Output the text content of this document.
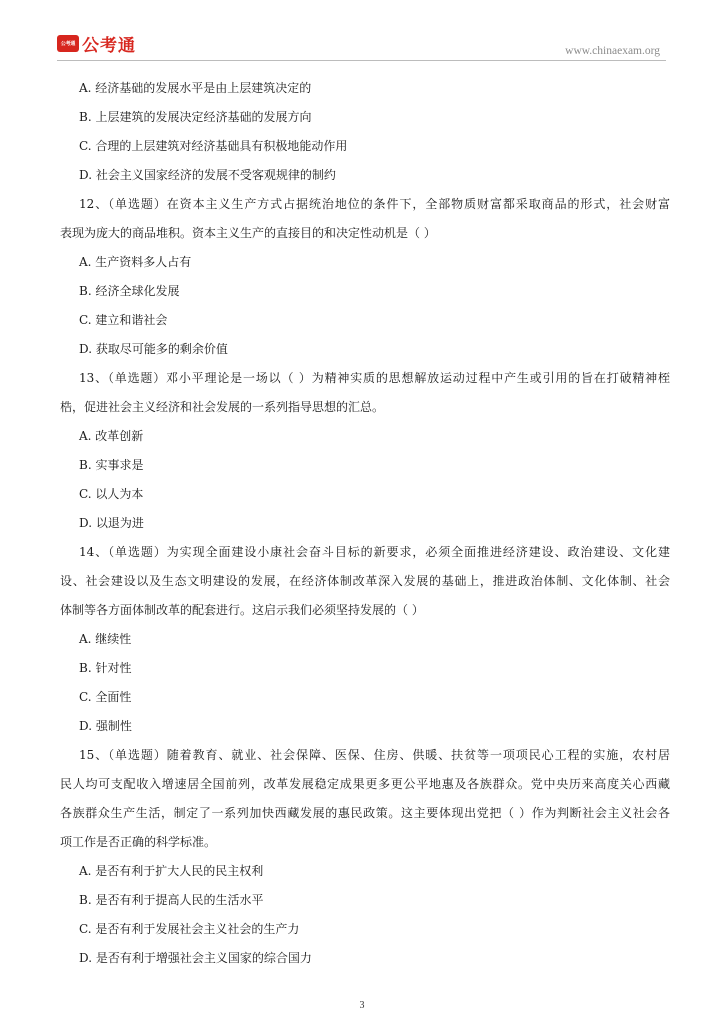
公考通 公考通	www.chinaexam.org
A. 经济基础的发展水平是由上层建筑决定的
B. 上层建筑的发展决定经济基础的发展方向
C. 合理的上层建筑对经济基础具有积极地能动作用
D. 社会主义国家经济的发展不受客观规律的制约
12、（单选题）在资本主义生产方式占据统治地位的条件下，全部物质财富都采取商品的形式，社会财富
表现为庞大的商品堆积。资本主义生产的直接目的和决定性动机是（ ）
A. 生产资料多人占有
B. 经济全球化发展
C. 建立和谐社会
D. 获取尽可能多的剩余价值
13、（单选题）邓小平理论是一场以（ ）为精神实质的思想解放运动过程中产生或引用的旨在打破精神桎
梏，促进社会主义经济和社会发展的一系列指导思想的汇总。
A. 改革创新
B. 实事求是
C. 以人为本
D. 以退为进
14、（单选题）为实现全面建设小康社会奋斗目标的新要求，必须全面推进经济建设、政治建设、文化建
设、社会建设以及生态文明建设的发展，在经济体制改革深入发展的基础上，推进政治体制、文化体制、社会
体制等各方面体制改革的配套进行。这启示我们必须坚持发展的（ ）
A. 继续性
B. 针对性
C. 全面性
D. 强制性
15、（单选题）随着教育、就业、社会保障、医保、住房、供暖、扶贫等一项项民心工程的实施，农村居
民人均可支配收入增速居全国前列，改革发展稳定成果更多更公平地惠及各族群众。党中央历来高度关心西藏
各族群众生产生活，制定了一系列加快西藏发展的惠民政策。这主要体现出党把（ ）作为判断社会主义社会各
项工作是否正确的科学标准。
A. 是否有利于扩大人民的民主权利
B. 是否有利于提高人民的生活水平
C. 是否有利于发展社会主义社会的生产力
D. 是否有利于增强社会主义国家的综合国力
3
